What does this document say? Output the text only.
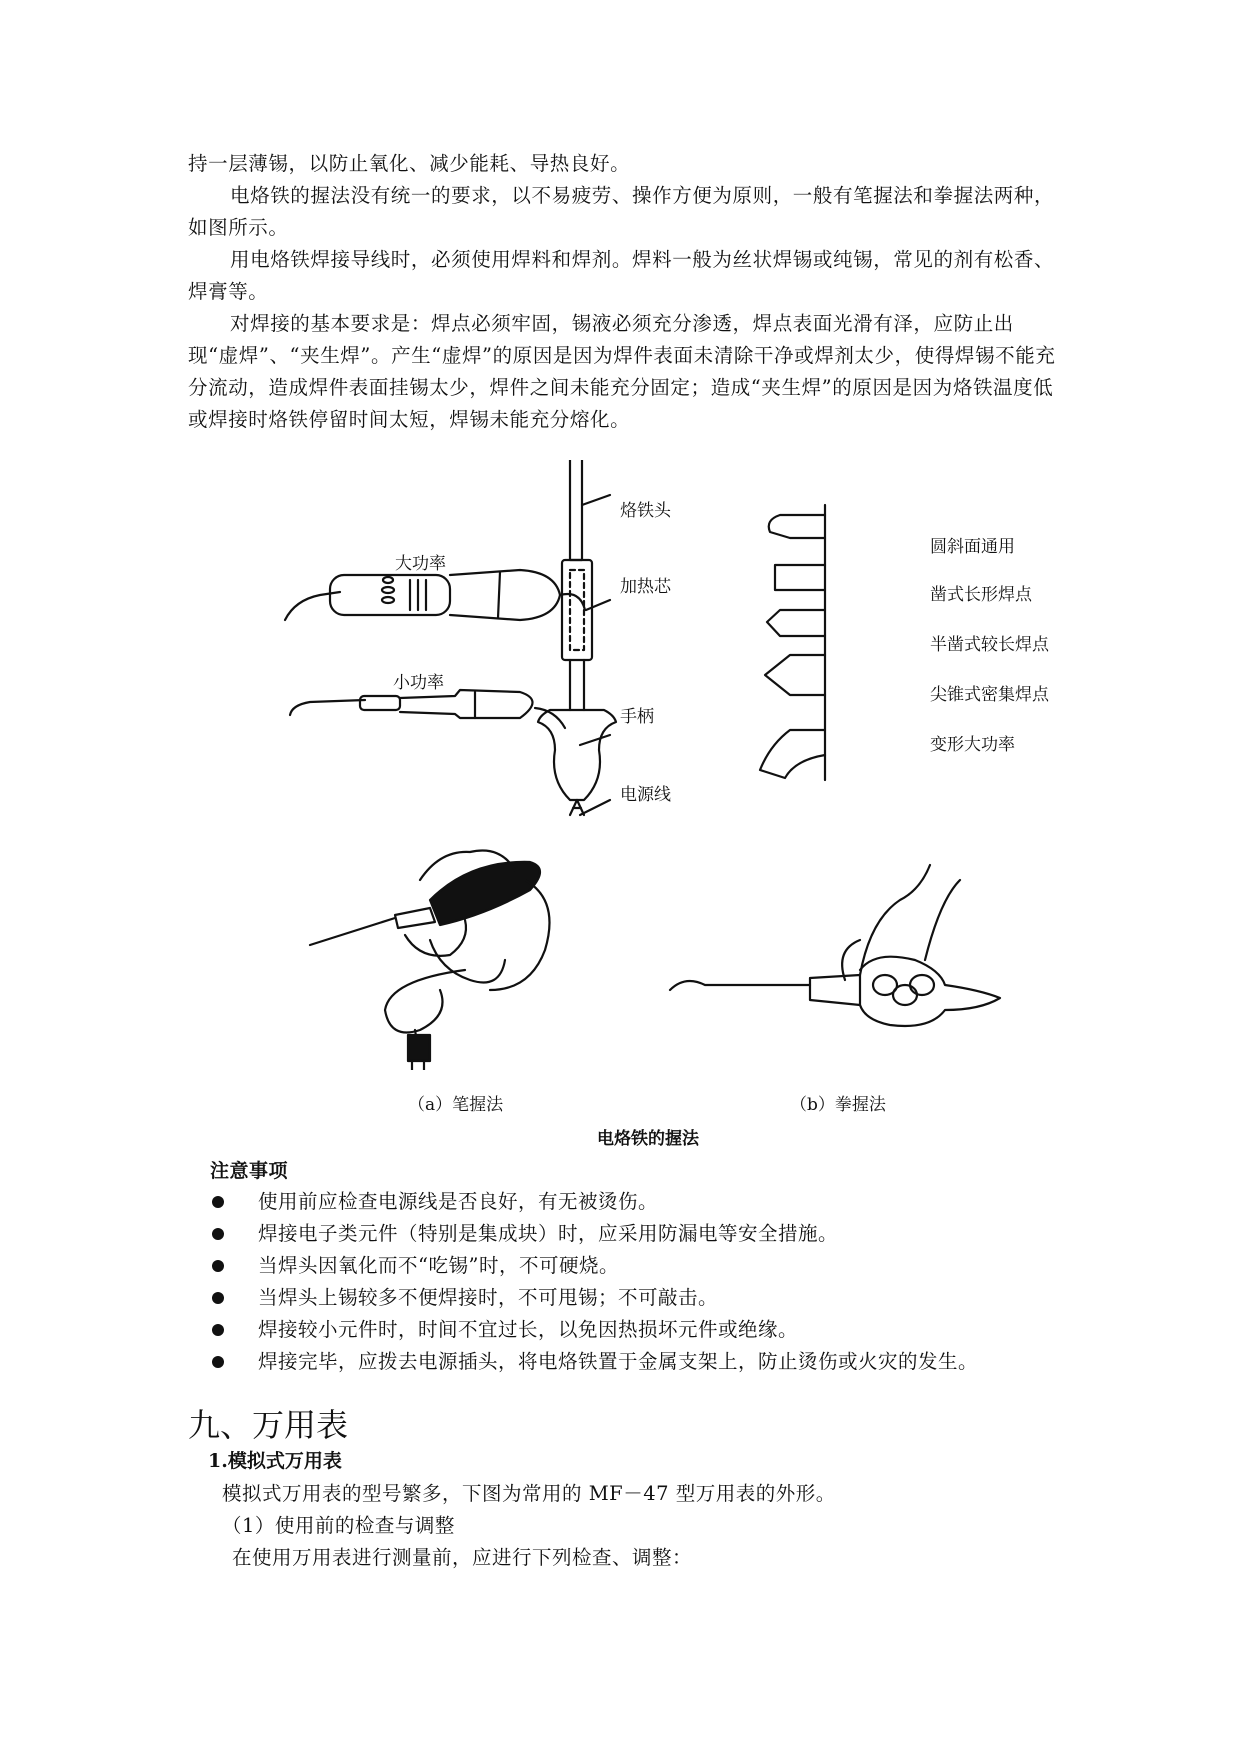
持一层薄锡，以防止氧化、减少能耗、导热良好。
电烙铁的握法没有统一的要求，以不易疲劳、操作方便为原则，一般有笔握法和拳握法两种，如图所示。
用电烙铁焊接导线时，必须使用焊料和焊剂。焊料一般为丝状焊锡或纯锡，常见的剂有松香、焊膏等。
对焊接的基本要求是：焊点必须牢固，锡液必须充分渗透，焊点表面光滑有泽，应防止出现“虚焊”、“夹生焊”。产生“虚焊”的原因是因为焊件表面未清除干净或焊剂太少，使得焊锡不能充分流动，造成焊件表面挂锡太少，焊件之间未能充分固定；造成“夹生焊”的原因是因为烙铁温度低或焊接时烙铁停留时间太短，焊锡未能充分熔化。
大功率
小功率
烙铁头
加热芯
手柄
电源线
圆斜面通用
凿式长形焊点
半凿式较长焊点
尖锥式密集焊点
变形大功率
（a）笔握法	（b）拳握法
电烙铁的握法
注意事项
使用前应检查电源线是否良好，有无被烫伤。
焊接电子类元件（特别是集成块）时，应采用防漏电等安全措施。
当焊头因氧化而不“吃锡”时，不可硬烧。
当焊头上锡较多不便焊接时，不可甩锡；不可敲击。
焊接较小元件时，时间不宜过长，以免因热损坏元件或绝缘。
焊接完毕，应拨去电源插头，将电烙铁置于金属支架上，防止烫伤或火灾的发生。
九、万用表
1.模拟式万用表
模拟式万用表的型号繁多，下图为常用的 MF－47 型万用表的外形。
（1）使用前的检查与调整
在使用万用表进行测量前，应进行下列检查、调整：
